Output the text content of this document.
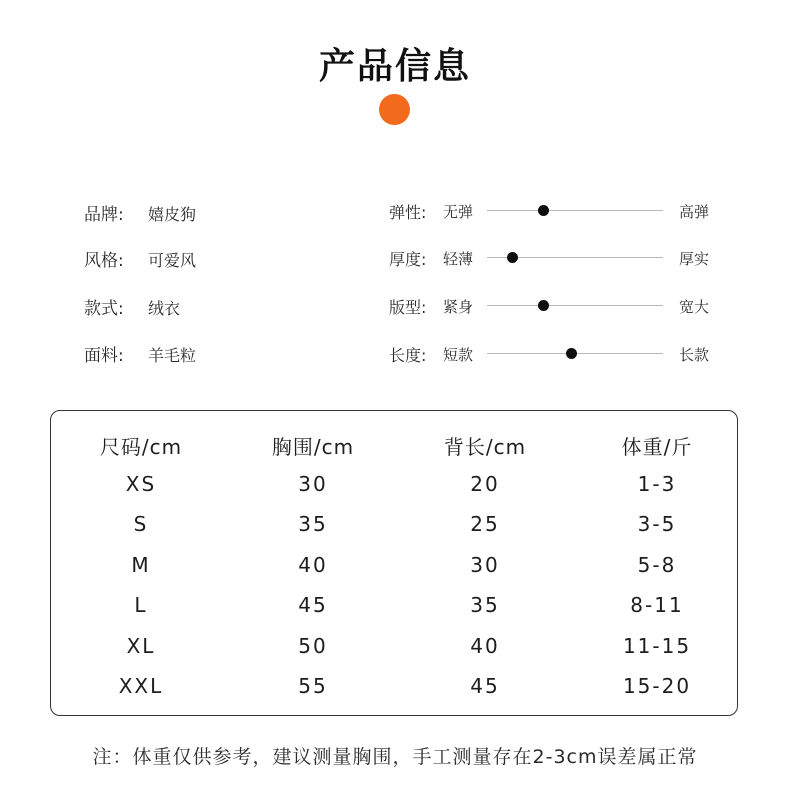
产品信息
品牌: 嬉皮狗
风格: 可爱风
款式: 绒衣
面料: 羊毛粒
弹性: 无弹	高弹
厚度: 轻薄	厚实
版型: 紧身	宽大
长度: 短款	长款
尺码/cm	胸围/cm	背长/cm	体重/斤
XS	30	20	1-3
S	35	25	3-5
M	40	30	5-8
L	45	35	8-11
XL	50	40	11-15
XXL	55	45	15-20
注：体重仅供参考，建议测量胸围，手工测量存在2-3cm误差属正常
